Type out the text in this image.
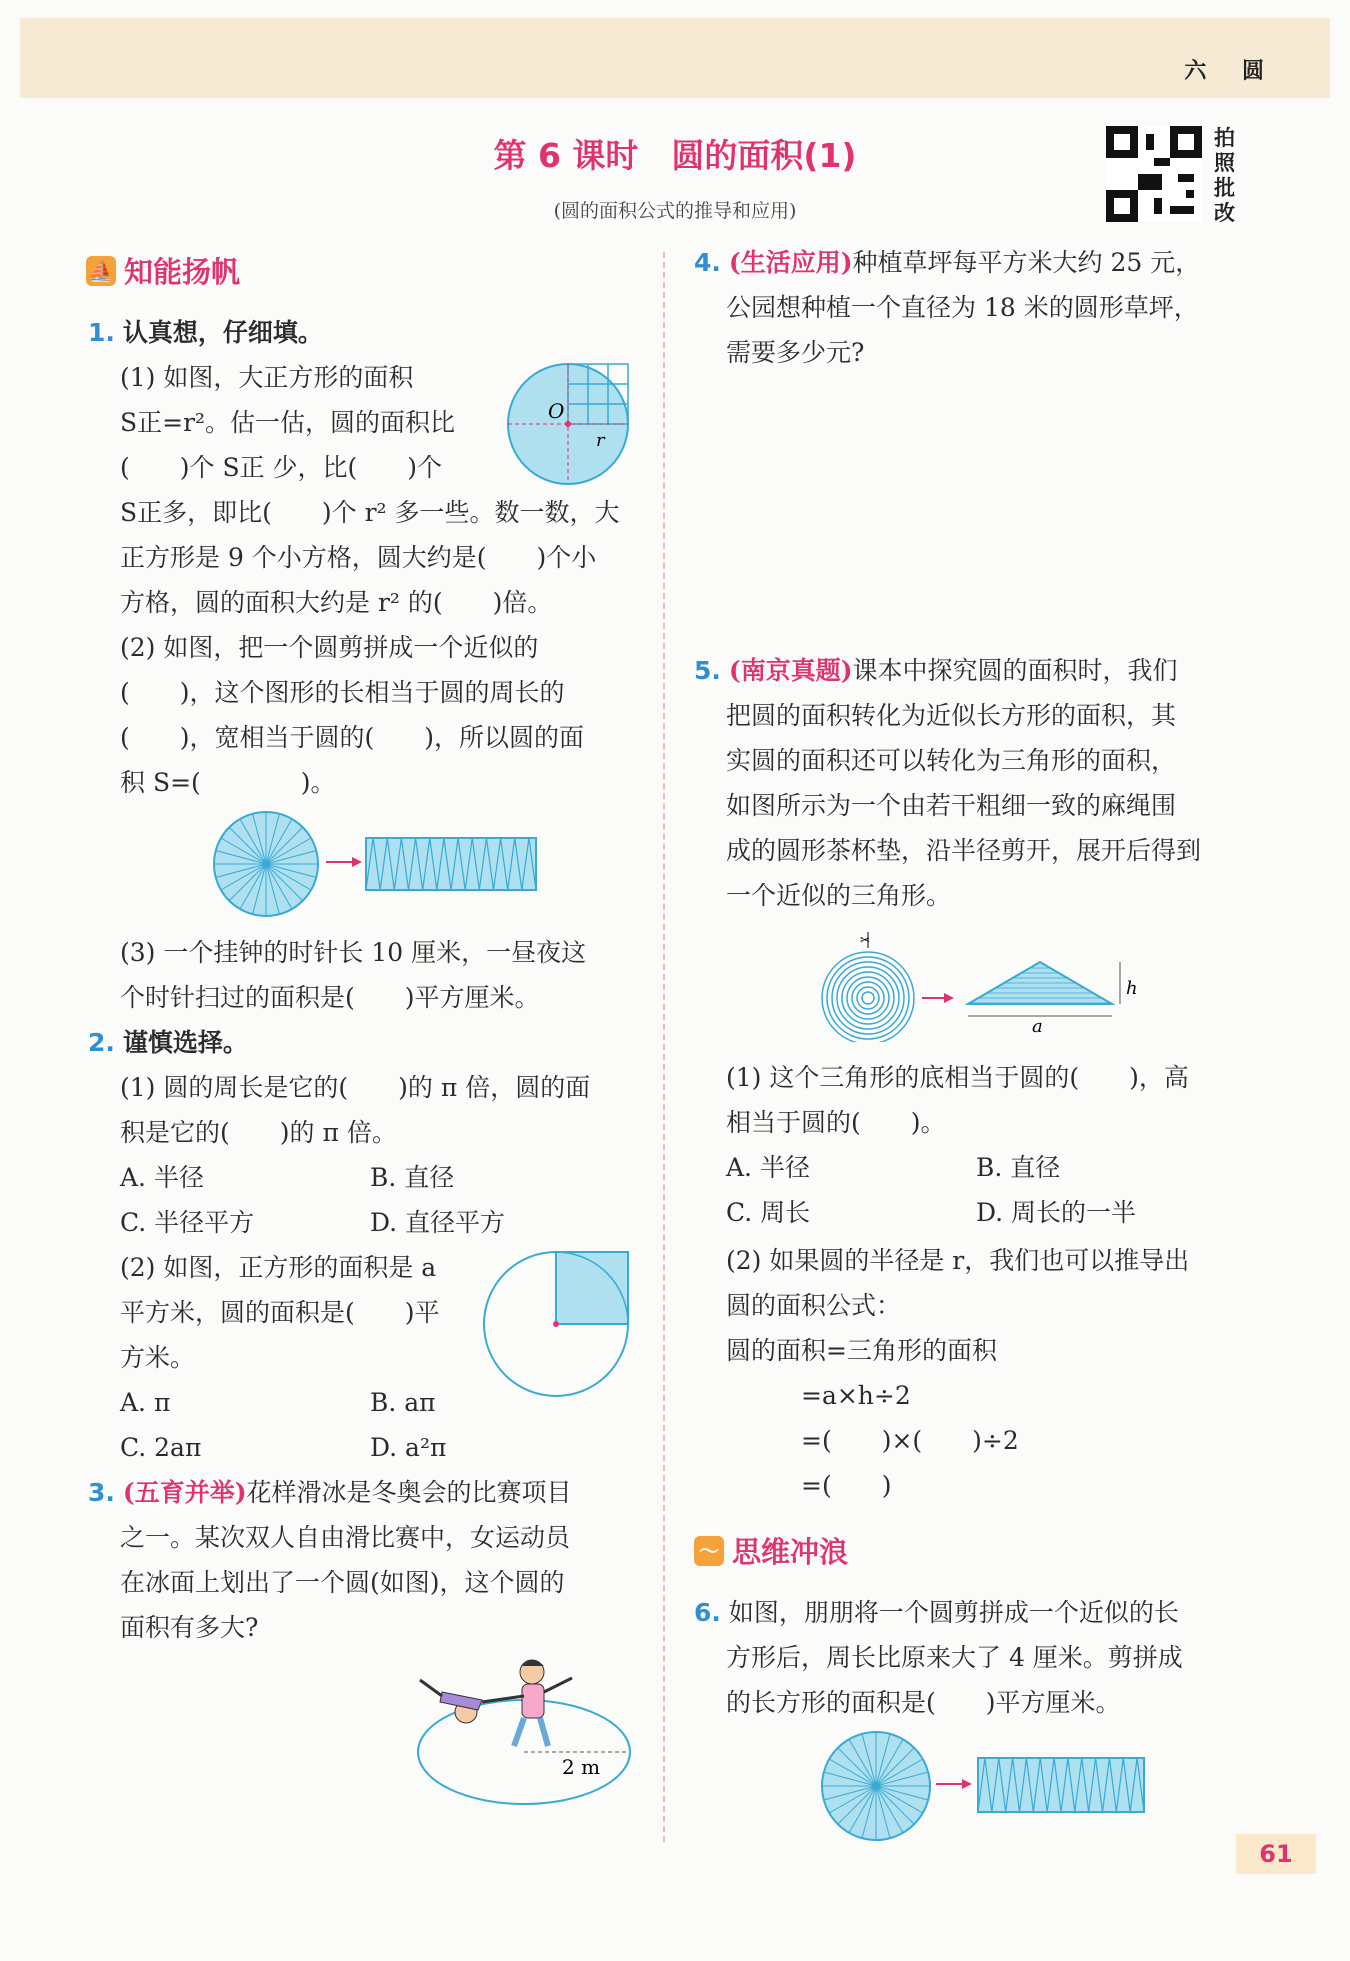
六 圆
第 6 课时　圆的面积(1)
(圆的面积公式的推导和应用)
拍照批改
⛵ 知能扬帆
1. 认真想，仔细填。
(1) 如图，大正方形的面积
S正=r²。估一估，圆的面积比
(　　)个 S正 少，比(　　)个
S正多，即比(　　)个 r² 多一些。数一数，大
正方形是 9 个小方格，圆大约是(　　)个小
方格，圆的面积大约是 r² 的(　　)倍。
O
r
(2) 如图，把一个圆剪拼成一个近似的
(　　)，这个图形的长相当于圆的周长的
(　　)，宽相当于圆的(　　)，所以圆的面
积 S=(　　　　)。
(3) 一个挂钟的时针长 10 厘米，一昼夜这
个时针扫过的面积是(　　)平方厘米。
2. 谨慎选择。
(1) 圆的周长是它的(　　)的 π 倍，圆的面
积是它的(　　)的 π 倍。
A. 半径	B. 直径
C. 半径平方	D. 直径平方
(2) 如图，正方形的面积是 a
平方米，圆的面积是(　　)平
方米。
A. π	B. aπ
C. 2aπ	D. a²π
3. (五育并举)花样滑冰是冬奥会的比赛项目
之一。某次双人自由滑比赛中，女运动员
在冰面上划出了一个圆(如图)，这个圆的
面积有多大?
2 m
4. (生活应用)种植草坪每平方米大约 25 元，
公园想种植一个直径为 18 米的圆形草坪，
需要多少元?
5. (南京真题)课本中探究圆的面积时，我们
把圆的面积转化为近似长方形的面积，其
实圆的面积还可以转化为三角形的面积，
如图所示为一个由若干粗细一致的麻绳围
成的圆形茶杯垫，沿半径剪开，展开后得到
一个近似的三角形。
✂
a
h
(1) 这个三角形的底相当于圆的(　　)，高
相当于圆的(　　)。
A. 半径	B. 直径
C. 周长	D. 周长的一半
(2) 如果圆的半径是 r，我们也可以推导出
圆的面积公式：
圆的面积=三角形的面积
　　　=a×h÷2
　　　=(　　)×(　　)÷2
　　　=(　　)
〜 思维冲浪
6. 如图，朋朋将一个圆剪拼成一个近似的长
方形后，周长比原来大了 4 厘米。剪拼成
的长方形的面积是(　　)平方厘米。
61
